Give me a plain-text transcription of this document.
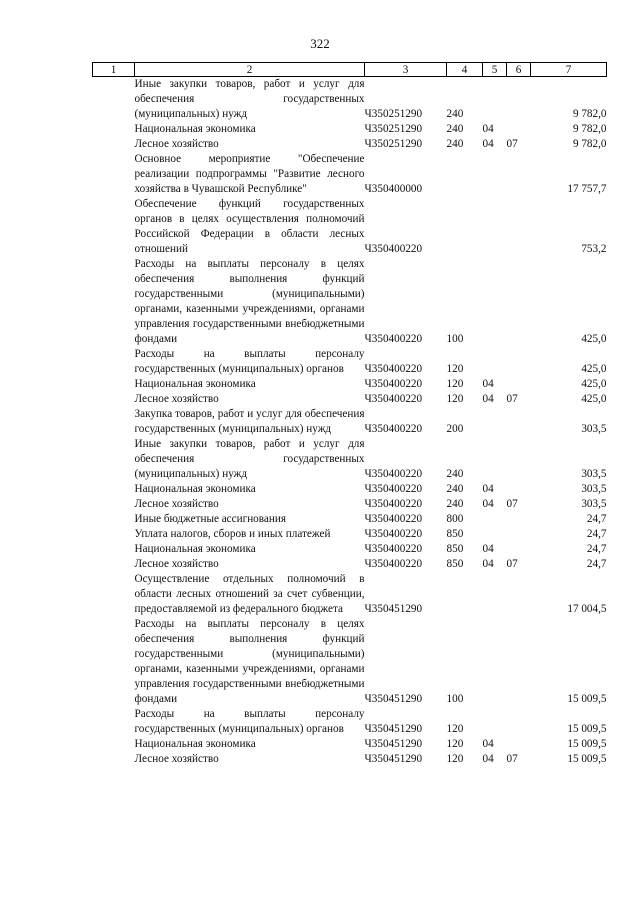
322
1	2	3	4	5	6	7
	Иные закупки товаров, работ и услуг для обеспечения государственных (муниципальных) нужд	Ч350251290	240			9 782,0
	Национальная экономика	Ч350251290	240	04		9 782,0
	Лесное хозяйство	Ч350251290	240	04	07	9 782,0
	Основное мероприятие "Обеспечение реализации подпрограммы "Развитие лесного хозяйства в Чувашской Республике"	Ч350400000				17 757,7
	Обеспечение функций государственных органов в целях осуществления полномочий Российской Федерации в области лесных отношений	Ч350400220				753,2
	Расходы на выплаты персоналу в целях обеспечения выполнения функций государственными (муниципальными) органами, казенными учреждениями, органами управления государственными внебюджетными фондами	Ч350400220	100			425,0
	Расходы на выплаты персоналу государственных (муниципальных) органов	Ч350400220	120			425,0
	Национальная экономика	Ч350400220	120	04		425,0
	Лесное хозяйство	Ч350400220	120	04	07	425,0
	Закупка товаров, работ и услуг для обеспечения государственных (муниципальных) нужд	Ч350400220	200			303,5
	Иные закупки товаров, работ и услуг для обеспечения государственных (муниципальных) нужд	Ч350400220	240			303,5
	Национальная экономика	Ч350400220	240	04		303,5
	Лесное хозяйство	Ч350400220	240	04	07	303,5
	Иные бюджетные ассигнования	Ч350400220	800			24,7
	Уплата налогов, сборов и иных платежей	Ч350400220	850			24,7
	Национальная экономика	Ч350400220	850	04		24,7
	Лесное хозяйство	Ч350400220	850	04	07	24,7
	Осуществление отдельных полномочий в области лесных отношений за счет субвенции, предоставляемой из федерального бюджета	Ч350451290				17 004,5
	Расходы на выплаты персоналу в целях обеспечения выполнения функций государственными (муниципальными) органами, казенными учреждениями, органами управления государственными внебюджетными фондами	Ч350451290	100			15 009,5
	Расходы на выплаты персоналу государственных (муниципальных) органов	Ч350451290	120			15 009,5
	Национальная экономика	Ч350451290	120	04		15 009,5
	Лесное хозяйство	Ч350451290	120	04	07	15 009,5
